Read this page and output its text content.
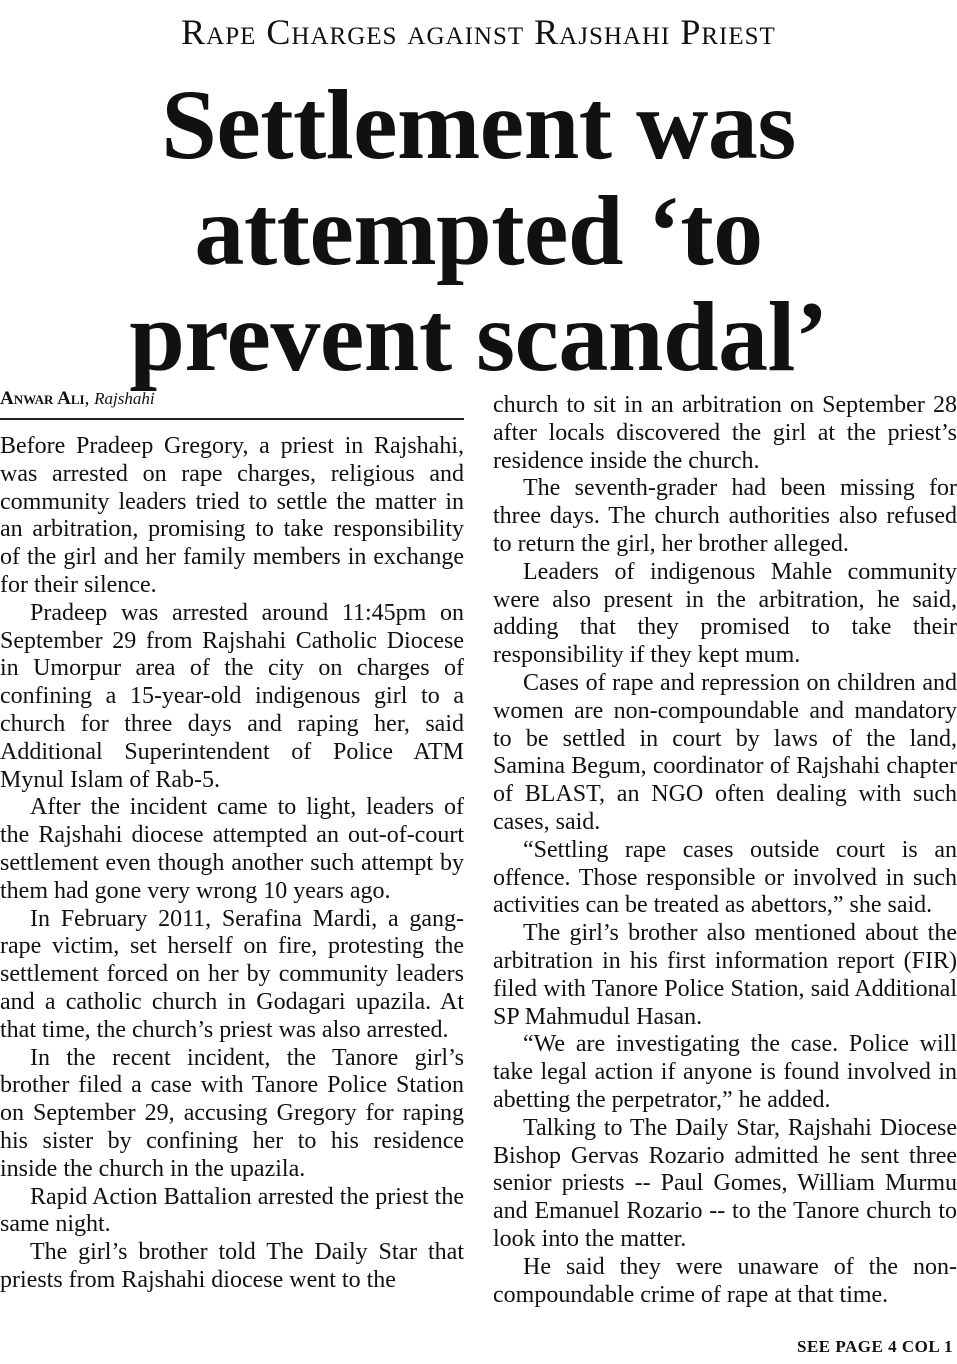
Rape Charges against Rajshahi Priest
Settlement was
attempted ‘to
prevent scandal’
Anwar Ali, Rajshahi

Before Pradeep Gregory, a priest in Rajshahi, was arrested on rape charges, religious and community leaders tried to settle the matter in an arbitration, promising to take responsibility of the girl and her family members in exchange for their silence.

Pradeep was arrested around 11:45pm on September 29 from Rajshahi Catholic Diocese in Umorpur area of the city on charges of confining a 15-year-old indigenous girl to a church for three days and raping her, said Additional Superintendent of Police ATM Mynul Islam of Rab-5.

After the incident came to light, leaders of the Rajshahi diocese attempted an out-of-court settlement even though another such attempt by them had gone very wrong 10 years ago.

In February 2011, Serafina Mardi, a gang-rape victim, set herself on fire, protesting the settlement forced on her by community leaders and a catholic church in Godagari upazila. At that time, the church’s priest was also arrested.

In the recent incident, the Tanore girl’s brother filed a case with Tanore Police Station on September 29, accusing Gregory for raping his sister by confining her to his residence inside the church in the upazila.

Rapid Action Battalion arrested the priest the same night.

The girl’s brother told The Daily Star that priests from Rajshahi diocese went to the

church to sit in an arbitration on September 28 after locals discovered the girl at the priest’s residence inside the church.

The seventh-grader had been missing for three days. The church authorities also refused to return the girl, her brother alleged.

Leaders of indigenous Mahle community were also present in the arbitration, he said, adding that they promised to take their responsibility if they kept mum.

Cases of rape and repression on children and women are non-compoundable and mandatory to be settled in court by laws of the land, Samina Begum, coordinator of Rajshahi chapter of BLAST, an NGO often dealing with such cases, said.

“Settling rape cases outside court is an offence. Those responsible or involved in such activities can be treated as abettors,” she said.

The girl’s brother also mentioned about the arbitration in his first information report (FIR) filed with Tanore Police Station, said Additional SP Mahmudul Hasan.

“We are investigating the case. Police will take legal action if anyone is found involved in abetting the perpetrator,” he added.

Talking to The Daily Star, Rajshahi Diocese Bishop Gervas Rozario admitted he sent three senior priests -- Paul Gomes, William Murmu and Emanuel Rozario -- to the Tanore church to look into the matter.

He said they were unaware of the non-compoundable crime of rape at that time.

SEE PAGE 4 COL 1
